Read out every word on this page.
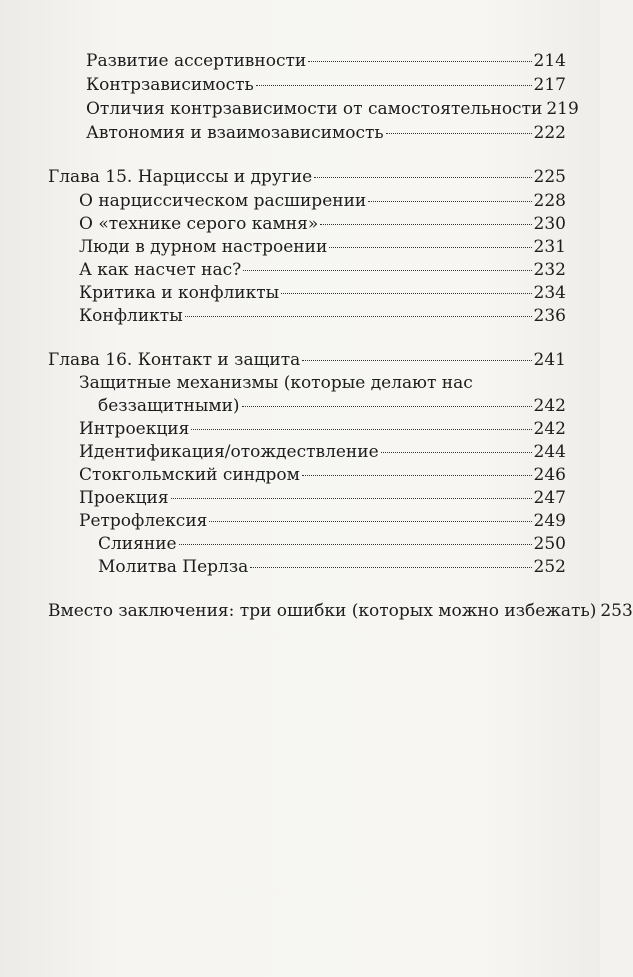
Развитие ассертивности	214
Контрзависимость	217
Отличия контрзависимости от самостоятельности 219
Автономия и взаимозависимость	222
Глава 15. Нарциссы и другие	225
О нарциссическом расширении	228
О «технике серого камня»	230
Люди в дурном настроении	231
А как насчет нас?	232
Критика и конфликты	234
Конфликты	236
Глава 16. Контакт и защита	241
Защитные механизмы (которые делают нас
беззащитными)	242
Интроекция	242
Идентификация/отождествление	244
Стокгольмский синдром	246
Проекция	247
Ретрофлексия	249
Слияние	250
Молитва Перлза	252
Вместо заключения: три ошибки (которых можно избежать) 253
